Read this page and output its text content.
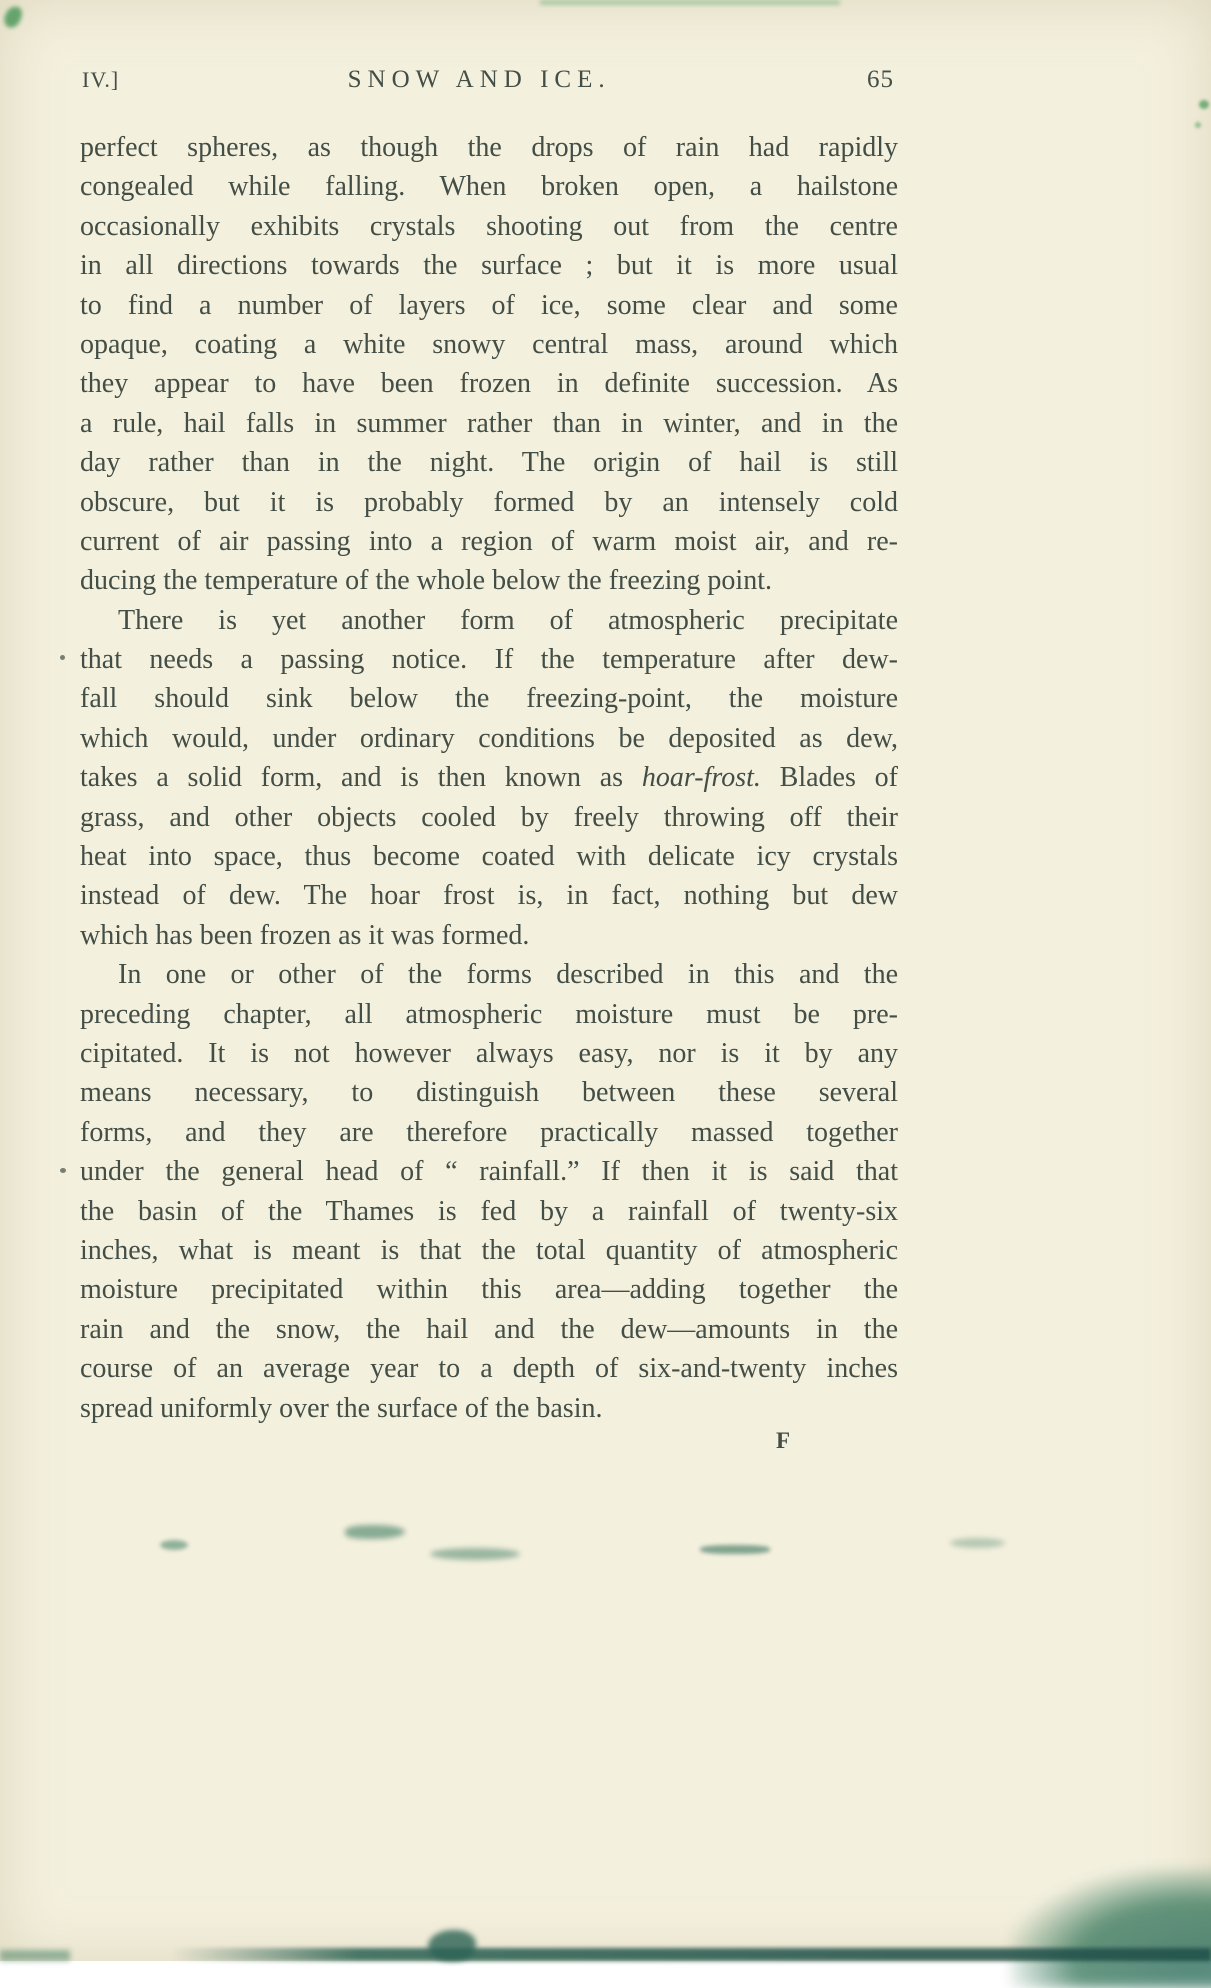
IV.]	SNOW AND ICE.	65
perfect spheres, as though the drops of rain had rapidly
congealed while falling. When broken open, a hailstone
occasionally exhibits crystals shooting out from the centre
in all directions towards the surface ; but it is more usual
to find a number of layers of ice, some clear and some
opaque, coating a white snowy central mass, around which
they appear to have been frozen in definite succession. As
a rule, hail falls in summer rather than in winter, and in the
day rather than in the night. The origin of hail is still
obscure, but it is probably formed by an intensely cold
current of air passing into a region of warm moist air, and re-
ducing the temperature of the whole below the freezing point.
There is yet another form of atmospheric precipitate
that needs a passing notice. If the temperature after dew-
fall should sink below the freezing-point, the moisture
which would, under ordinary conditions be deposited as dew,
takes a solid form, and is then known as hoar-frost. Blades of
grass, and other objects cooled by freely throwing off their
heat into space, thus become coated with delicate icy crystals
instead of dew. The hoar frost is, in fact, nothing but dew
which has been frozen as it was formed.
In one or other of the forms described in this and the
preceding chapter, all atmospheric moisture must be pre-
cipitated. It is not however always easy, nor is it by any
means necessary, to distinguish between these several
forms, and they are therefore practically massed together
under the general head of “ rainfall.” If then it is said that
the basin of the Thames is fed by a rainfall of twenty-six
inches, what is meant is that the total quantity of atmospheric
moisture precipitated within this area—adding together the
rain and the snow, the hail and the dew—amounts in the
course of an average year to a depth of six-and-twenty inches
spread uniformly over the surface of the basin.
F
